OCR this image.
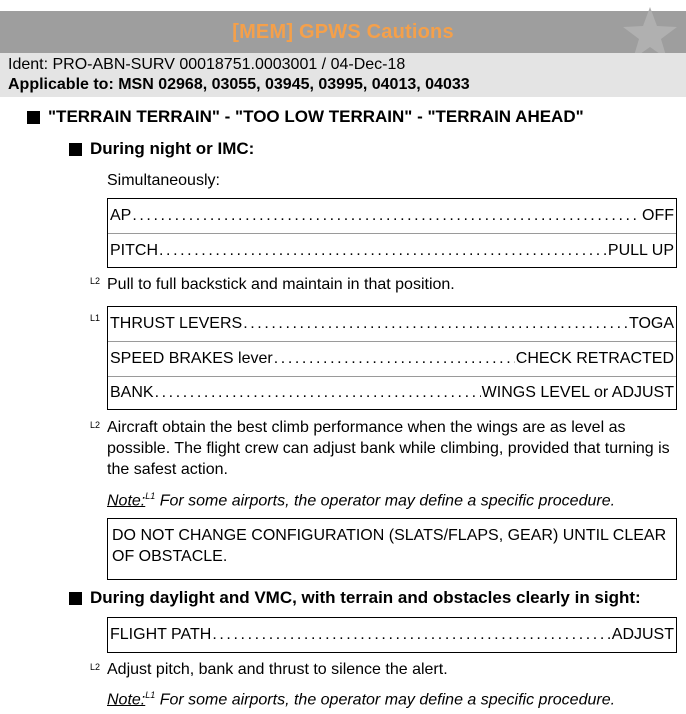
[MEM] GPWS Cautions
Ident: PRO-ABN-SURV 00018751.0003001 / 04-Dec-18
Applicable to: MSN 02968, 03055, 03945, 03995, 04013, 04033
"TERRAIN TERRAIN" - "TOO LOW TERRAIN" - "TERRAIN AHEAD"
During night or IMC:
Simultaneously:
AP .....	OFF
PITCH .....	PULL UP
L2 Pull to full backstick and maintain in that position.
L1 THRUST LEVERS .....	TOGA
SPEED BRAKES lever .....	CHECK RETRACTED
BANK .....	WINGS LEVEL or ADJUST
L2 Aircraft obtain the best climb performance when the wings are as level as possible. The flight crew can adjust bank while climbing, provided that turning is the safest action.
Note:$^{L1}$ For some airports, the operator may define a specific procedure.
DO NOT CHANGE CONFIGURATION (SLATS/FLAPS, GEAR) UNTIL CLEAR OF OBSTACLE.
During daylight and VMC, with terrain and obstacles clearly in sight:
FLIGHT PATH .....	ADJUST
L2 Adjust pitch, bank and thrust to silence the alert.
Note:$^{L1}$ For some airports, the operator may define a specific procedure.
